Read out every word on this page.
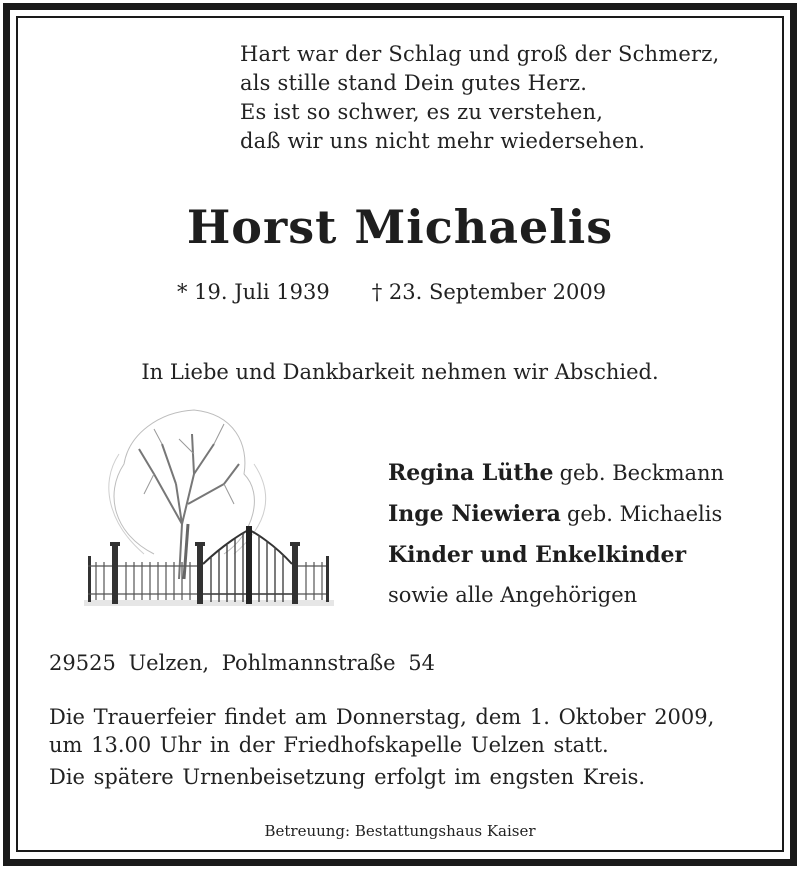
Hart war der Schlag und groß der Schmerz,
als stille stand Dein gutes Herz.
Es ist so schwer, es zu verstehen,
daß wir uns nicht mehr wiedersehen.
Horst Michaelis
* 19. Juli 1939 † 23. September 2009
In Liebe und Dankbarkeit nehmen wir Abschied.
Regina Lüthe geb. Beckmann
Inge Niewiera geb. Michaelis
Kinder und Enkelkinder
sowie alle Angehörigen
29525 Uelzen, Pohlmannstraße 54
Die Trauerfeier findet am Donnerstag, dem 1. Oktober 2009,
um 13.00 Uhr in der Friedhofskapelle Uelzen statt.
Die spätere Urnenbeisetzung erfolgt im engsten Kreis.
Betreuung: Bestattungshaus Kaiser
